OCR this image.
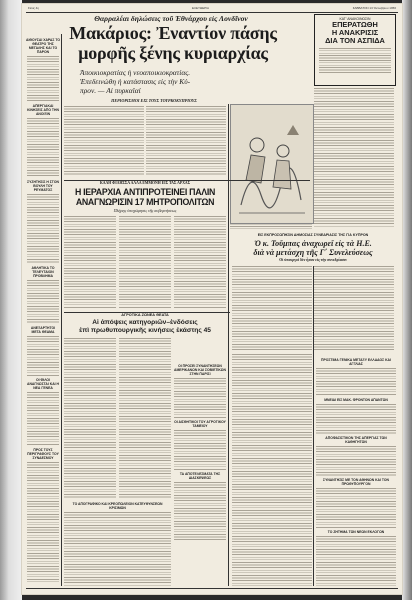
Σελὶς 4η	ΕΛΕΥΘΕΡΙΑ	ΣΑΒΒΑΤΟΝ 13 Ὀκτωβρίου 1956
Θαρραλέαι δηλώσεις τοῦ Ἐθνάρχου εἰς Λονδῖνον
Μακάριος: Ἐναντίον πάσης
μορφῆς ξένης κυριαρχίας
Ἀποικιοκρατίας ἡ νεοαποικιοκρατίας.
Ἐπεδεινώθη ἡ κατάστασις εἰς τὴν Κύ-
προν. — Αἱ πυρκαϊαί
ΠΕΡΙΟΡΙΣΜΟΙ ΕΙΣ ΤΟΥΣ ΤΟΥΡΚΟΚΥΠΡΙΟΥΣ
ΑΙΘΟΥΣΑΙ ΧΑΡΑΣ ΤΟ ΘΕΑΤΡΟ ΤΗΣ ΜΕΓΑΛΗΣ ΚΑΙ ΤΟ ΠΑΡΟΝ
ΑΠΕΡΓΙΑΚΑΙ ΚΙΝΗΣΕΙΣ ΑΠΟ ΤΗΝ ΑΝΟΙΞΙΝ
ΣΥΖΗΤΗΣΙΣ Η ΣΤΟΝ ΒΟΥΛΗ ΤΟΥ ΡΕΥΜΑΤΟΣ
ΑΘΛΗΤΙΚΑ ΤΟ ΤΕΛΕΥΤΑΙΟΝ ΠΡΟΒΛΗΜΑ
ΑΝΕΞΑΡΤΗΤΟΙ ΜΕΤΑ ΘΕΑΜΑ
ΟΙ ΦΙΛΟΙ ΑΝΑΓΝΩΣΤΑΙ ΚΑΙ Η ΝΕΑ ΓΕΝΕΑ
ΠΡΟΣ ΤΟΥΣ ΠΕΡΙΓΡΑΦΟΥΣ ΤΟΥ ΣΥΝΔΕΣΜΟΥ
ΚΑΤ' ΑΝΑΚΟΙΝΩΣΙΝ
ΕΠΕΡΑΤΩΘΗ
Η ΑΝΑΚΡΙΣΙΣ
ΔΙΑ ΤΟΝ ΑΣΠΙΔΑ
ΚΑΛΗ ΦΙΛΗΣΣΑ ΑΛΛΑ ΕΜΜΟΝΗ ΕΙΣ ΤΑΣ ΑΡΧΑΣ
Η ΙΕΡΑΡΧΙΑ ΑΝΤΙΠΡΟΤΕΙΝΕΙ ΠΑΛΙΝ
ΑΝΑΓΝΩΡΙΣΙΝ 17 ΜΗΤΡΟΠΟΛΙΤΩΝ
Πλήρης ὑποχώρησις τῆς κυβερνήσεως
ΕΙΣ ΕΚΠΡΟΣΩΠΗΣΙΝ ΔΗΜΟΣΙΑΣ ΣΥΝΕΔΡΙΑΣΙΣ ΤΗΣ ΓΙΑ ΚΥΠΡΟΝ
Ὁ κ. Τοῦμπας ἀναχωρεῖ εἰς τὰ Η.Ε.
διὰ νὰ μετάσχη τῆς Γ΄ Συνελεύσεως
Οἱ ὑπουργοὶ δὲν ἦσαν εἰς τὴν συνεδρίασιν
ΑΓΡΟΤΙΚΑ ΖΩΝΕΑ ΘΕΑΤΑ
Αἱ ἀπόψεις κατηγοριῶν–ἐνδόσεις
ἐπὶ πρωθυπουργικῆς κινήσεις ἐκάστης 45
ΟΙ ΠΡΟΣΕΙ ΣΥΝΑΝΤΗΣΕΩΝ ΑΜΕΡΙΚΑΝΩΝ ΚΑΙ ΣΟΒΙΕΤΙΚΩΝ ΣΤΗΝ ΠΑΡΙΣΙ
ΟΙ ΑΙΣΘΗΤΙΚΟΙ ΤΟΥ ΑΓΡΟΤΙΚΟΥ ΤΑΜΕΙΟΥ
ΤΑ ΑΠΟΤΕΛΕΣΜΑΤΑ ΤΗΣ ΔΙΑΣΚΕΨΕΩΣ
ΤΟ ΑΠΟΓΡΑΦΙΚΟ ΚΑΙ ΚΡΕΟΠΩΛΕΙΟΝ ΚΑΤΕΥΘΥΝΣΕΩΝ ΚΡΙΣΙΜΩΝ
ΠΡΟΣΤΙΜΑ ΓΕΝΙΚΑ ΜΕΤΑΞΥ ΕΛΛΑΔΟΣ ΚΑΙ ΑΓΓΛΙΑΣ
ΜΝΕΙΑΙ ΕΙΣ ΜΑΚ. ΦΡΟΝΤΟΝ ΑΠΑΝΤΩΝ
ΑΠΟΦΑΣΙΣΤΙΚΟΝ ΤΗΣ ΑΠΕΡΓΙΑΣ ΤΩΝ ΚΑΘΗΓΗΤΩΝ
ΣΥΝΑΝΤΗΣΙΣ ΜΕ ΤΟΝ ΑΘΗΝΩΝ ΚΑΙ ΤΟΝ ΠΡΩΘΥΠΟΥΡΓΟΝ
ΤΟ ΖΗΤΗΜΑ ΤΩΝ ΝΕΩΝ ΕΚΛΟΓΩΝ
